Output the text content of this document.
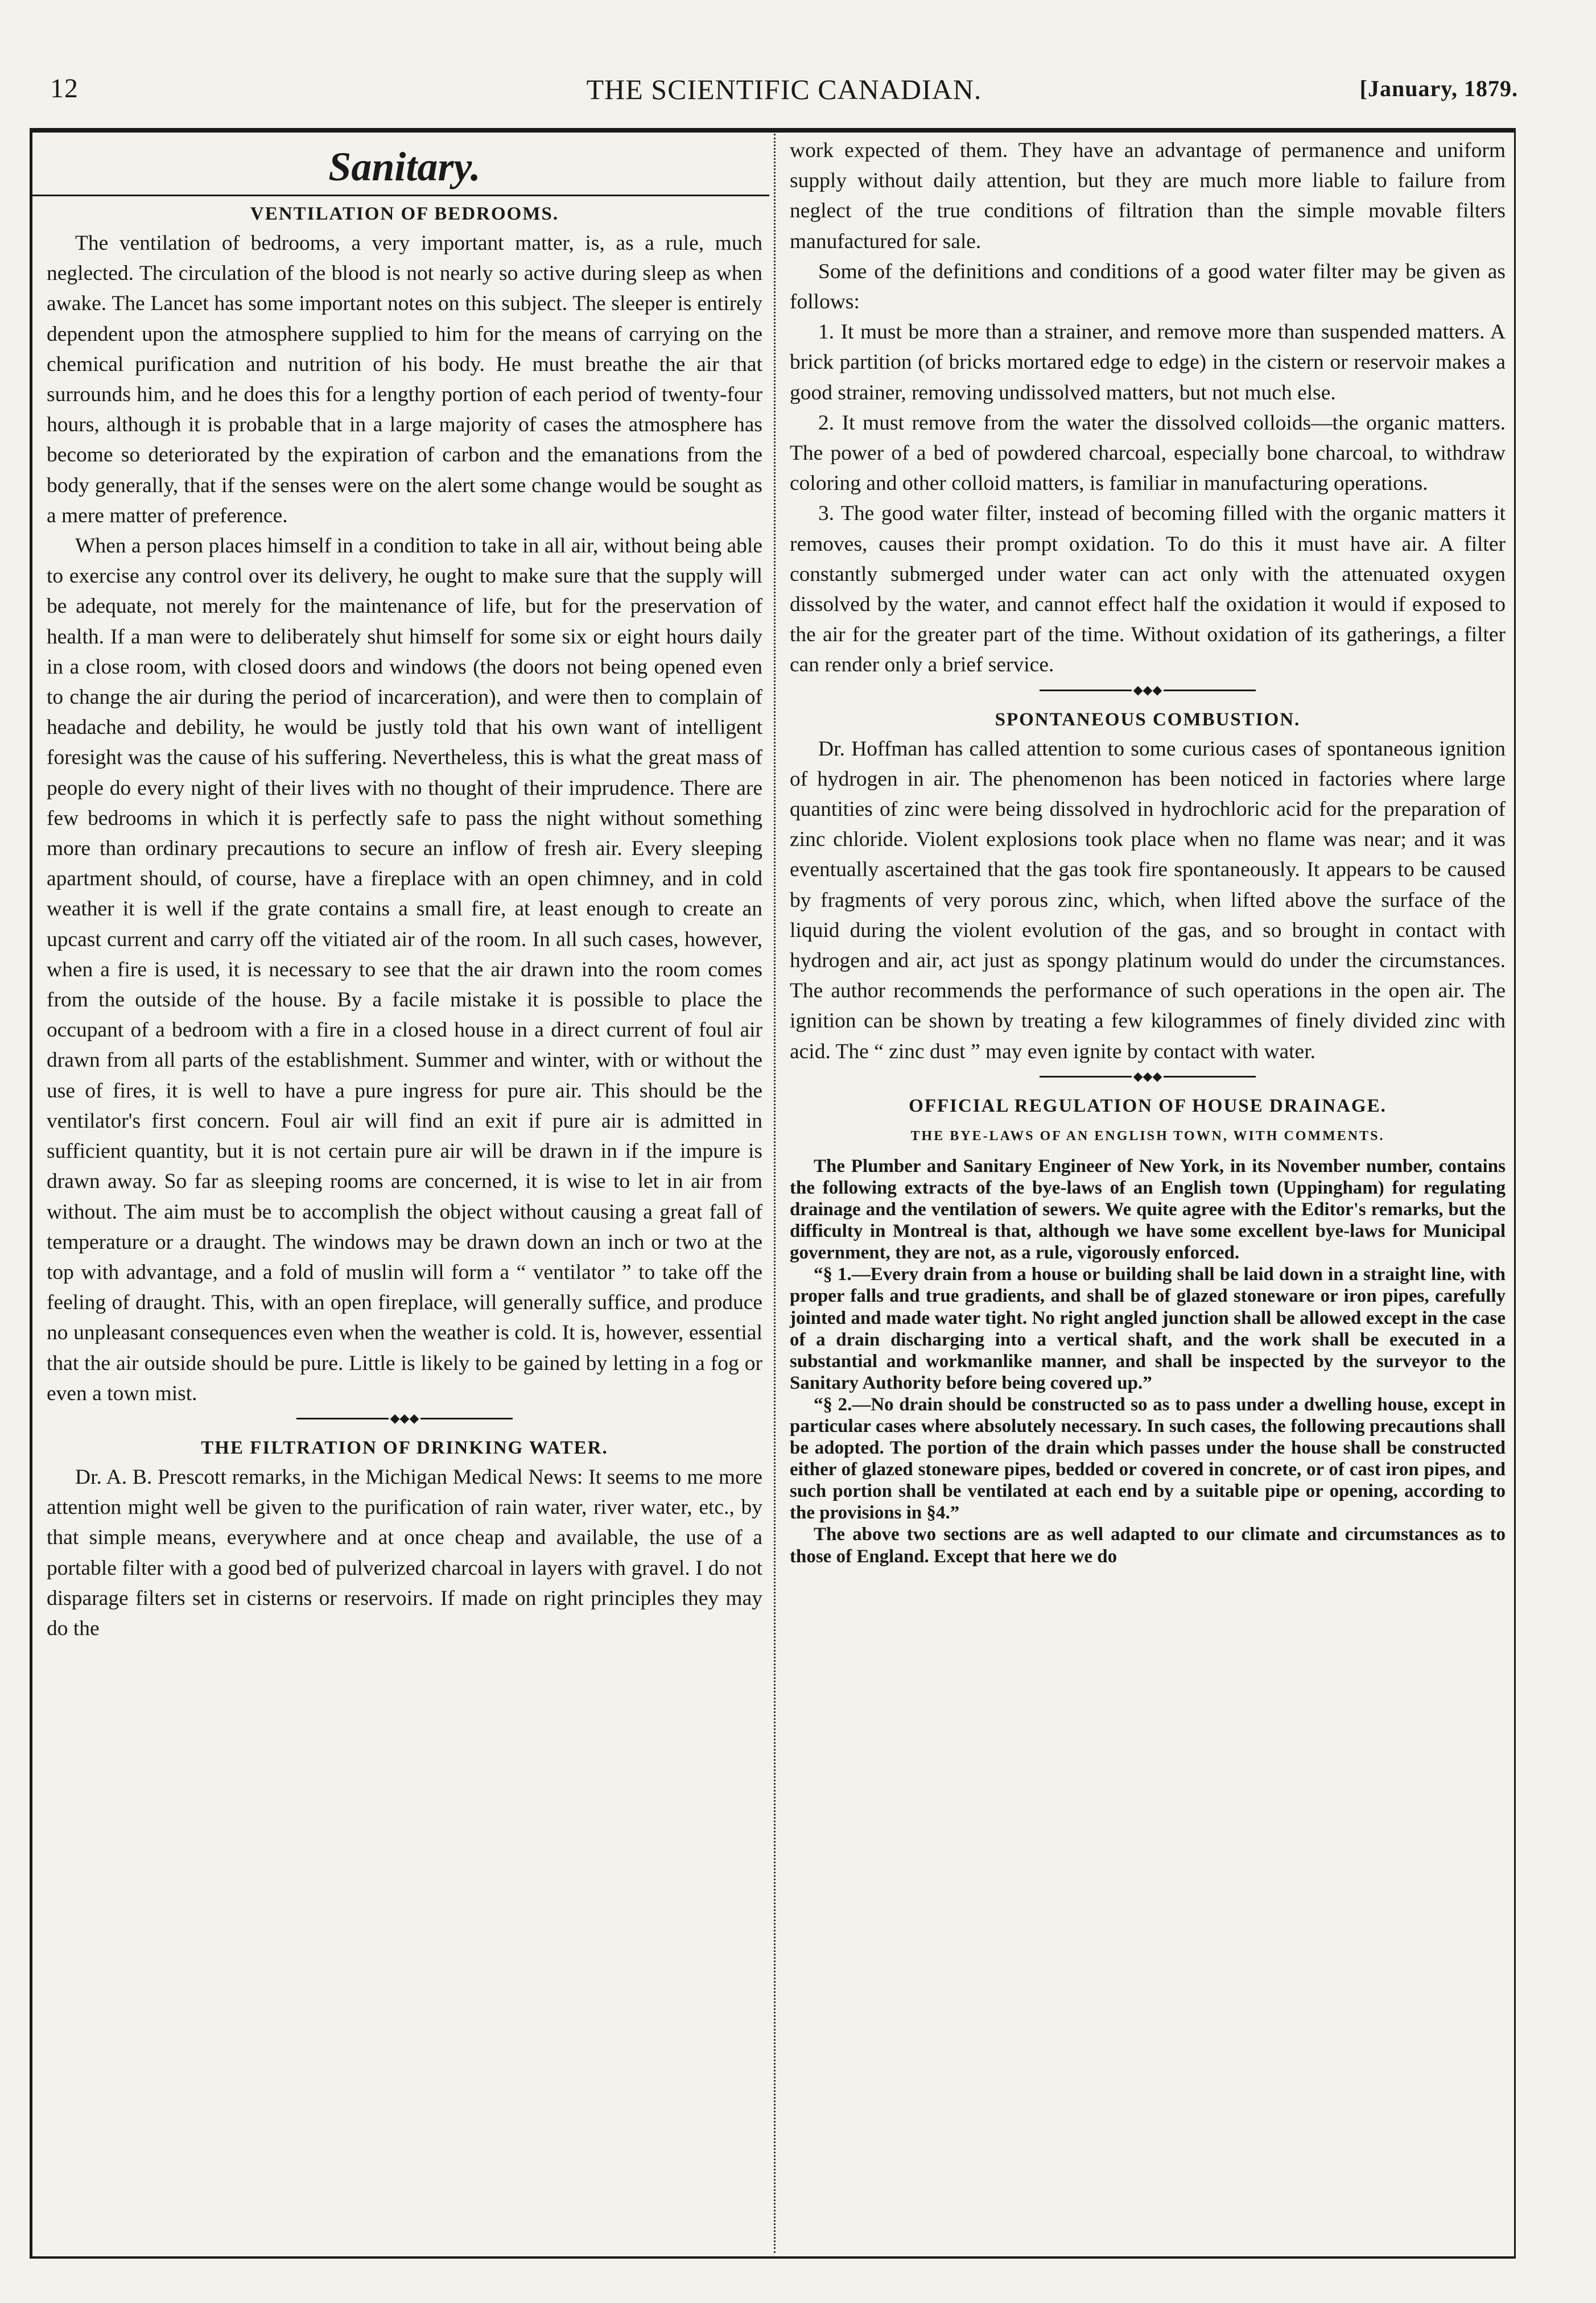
12	THE SCIENTIFIC CANADIAN.	[January, 1879.
Sanitary.
VENTILATION OF BEDROOMS.

The ventilation of bedrooms, a very important matter, is, as a rule, much neglected. The circulation of the blood is not nearly so active during sleep as when awake. The Lancet has some important notes on this subject. The sleeper is entirely dependent upon the atmosphere supplied to him for the means of carrying on the chemical purification and nutrition of his body. He must breathe the air that surrounds him, and he does this for a lengthy portion of each period of twenty-four hours, although it is probable that in a large majority of cases the atmosphere has become so deteriorated by the expiration of carbon and the emanations from the body generally, that if the senses were on the alert some change would be sought as a mere matter of preference.

When a person places himself in a condition to take in all air, without being able to exercise any control over its delivery, he ought to make sure that the supply will be adequate, not merely for the maintenance of life, but for the preservation of health. If a man were to deliberately shut himself for some six or eight hours daily in a close room, with closed doors and windows (the doors not being opened even to change the air during the period of incarceration), and were then to complain of headache and debility, he would be justly told that his own want of intelligent foresight was the cause of his suffering. Nevertheless, this is what the great mass of people do every night of their lives with no thought of their imprudence. There are few bedrooms in which it is perfectly safe to pass the night without something more than ordinary precautions to secure an inflow of fresh air. Every sleeping apartment should, of course, have a fireplace with an open chimney, and in cold weather it is well if the grate contains a small fire, at least enough to create an upcast current and carry off the vitiated air of the room. In all such cases, however, when a fire is used, it is necessary to see that the air drawn into the room comes from the outside of the house. By a facile mistake it is possible to place the occupant of a bedroom with a fire in a closed house in a direct current of foul air drawn from all parts of the establishment. Summer and winter, with or without the use of fires, it is well to have a pure ingress for pure air. This should be the ventilator's first concern. Foul air will find an exit if pure air is admitted in sufficient quantity, but it is not certain pure air will be drawn in if the impure is drawn away. So far as sleeping rooms are concerned, it is wise to let in air from without. The aim must be to accomplish the object without causing a great fall of temperature or a draught. The windows may be drawn down an inch or two at the top with advantage, and a fold of muslin will form a “ ventilator ” to take off the feeling of draught. This, with an open fireplace, will generally suffice, and produce no unpleasant consequences even when the weather is cold. It is, however, essential that the air outside should be pure. Little is likely to be gained by letting in a fog or even a town mist.

◆◆◆
THE FILTRATION OF DRINKING WATER.

Dr. A. B. Prescott remarks, in the Michigan Medical News: It seems to me more attention might well be given to the purification of rain water, river water, etc., by that simple means, everywhere and at once cheap and available, the use of a portable filter with a good bed of pulverized charcoal in layers with gravel. I do not disparage filters set in cisterns or reservoirs. If made on right principles they may do the

work expected of them. They have an advantage of permanence and uniform supply without daily attention, but they are much more liable to failure from neglect of the true conditions of filtration than the simple movable filters manufactured for sale.

Some of the definitions and conditions of a good water filter may be given as follows:

1. It must be more than a strainer, and remove more than suspended matters. A brick partition (of bricks mortared edge to edge) in the cistern or reservoir makes a good strainer, removing undissolved matters, but not much else.

2. It must remove from the water the dissolved colloids—the organic matters. The power of a bed of powdered charcoal, especially bone charcoal, to withdraw coloring and other colloid matters, is familiar in manufacturing operations.

3. The good water filter, instead of becoming filled with the organic matters it removes, causes their prompt oxidation. To do this it must have air. A filter constantly submerged under water can act only with the attenuated oxygen dissolved by the water, and cannot effect half the oxidation it would if exposed to the air for the greater part of the time. Without oxidation of its gatherings, a filter can render only a brief service.

◆◆◆
SPONTANEOUS COMBUSTION.

Dr. Hoffman has called attention to some curious cases of spontaneous ignition of hydrogen in air. The phenomenon has been noticed in factories where large quantities of zinc were being dissolved in hydrochloric acid for the preparation of zinc chloride. Violent explosions took place when no flame was near; and it was eventually ascertained that the gas took fire spontaneously. It appears to be caused by fragments of very porous zinc, which, when lifted above the surface of the liquid during the violent evolution of the gas, and so brought in contact with hydrogen and air, act just as spongy platinum would do under the circumstances. The author recommends the performance of such operations in the open air. The ignition can be shown by treating a few kilogrammes of finely divided zinc with acid. The “ zinc dust ” may even ignite by contact with water.

◆◆◆
OFFICIAL REGULATION OF HOUSE DRAINAGE.
THE BYE-LAWS OF AN ENGLISH TOWN, WITH COMMENTS.

The Plumber and Sanitary Engineer of New York, in its November number, contains the following extracts of the bye-laws of an English town (Uppingham) for regulating drainage and the ventilation of sewers. We quite agree with the Editor's remarks, but the difficulty in Montreal is that, although we have some excellent bye-laws for Municipal government, they are not, as a rule, vigorously enforced.

“§ 1.—Every drain from a house or building shall be laid down in a straight line, with proper falls and true gradients, and shall be of glazed stoneware or iron pipes, carefully jointed and made water tight. No right angled junction shall be allowed except in the case of a drain discharging into a vertical shaft, and the work shall be executed in a substantial and workmanlike manner, and shall be inspected by the surveyor to the Sanitary Authority before being covered up.”

“§ 2.—No drain should be constructed so as to pass under a dwelling house, except in particular cases where absolutely necessary. In such cases, the following precautions shall be adopted. The portion of the drain which passes under the house shall be constructed either of glazed stoneware pipes, bedded or covered in concrete, or of cast iron pipes, and such portion shall be ventilated at each end by a suitable pipe or opening, according to the provisions in §4.”

The above two sections are as well adapted to our climate and circumstances as to those of England. Except that here we do
